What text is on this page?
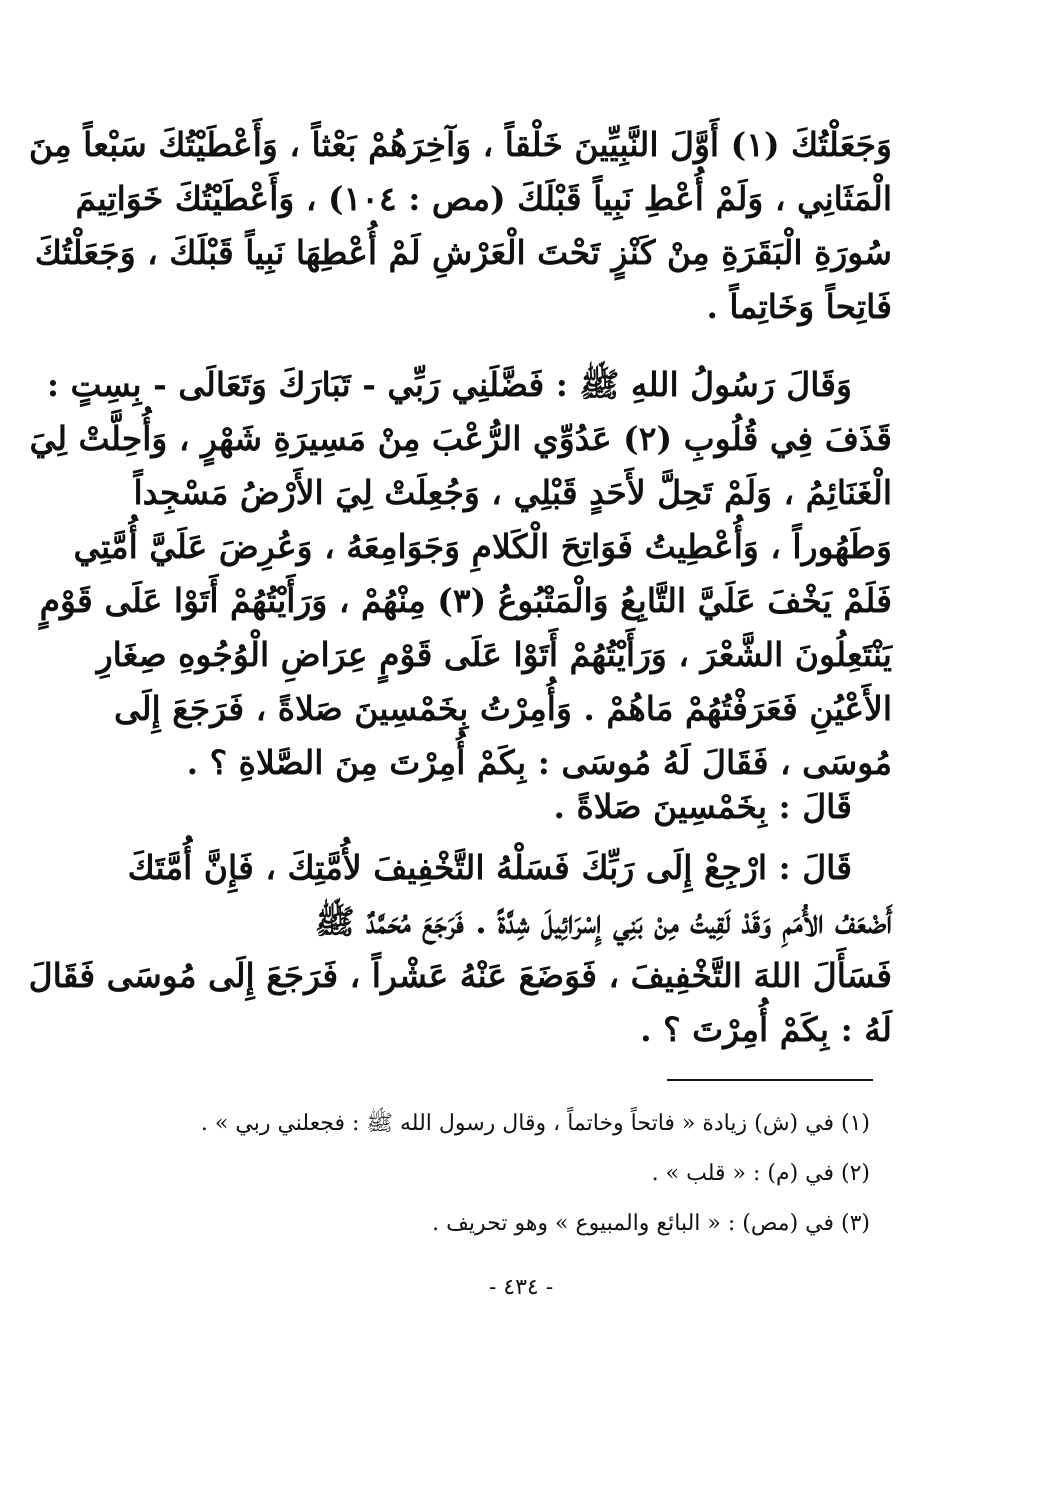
وَجَعَلْتُكَ (١) أَوَّلَ النَّبِيِّينَ خَلْقاً ، وَآخِرَهُمْ بَعْثاً ، وَأَعْطَيْتُكَ سَبْعاً مِنَ
الْمَثَانِي ، وَلَمْ أُعْطِ نَبِياً قَبْلَكَ (مص : ١٠٤) ، وَأَعْطَيْتُكَ خَوَاتِيمَ
سُورَةِ الْبَقَرَةِ مِنْ كَنْزٍ تَحْتَ الْعَرْشِ لَمْ أُعْطِهَا نَبِياً قَبْلَكَ ، وَجَعَلْتُكَ
فَاتِحاً وَخَاتِماً .
وَقَالَ رَسُولُ اللهِ ﷺ : فَضَّلَنِي رَبِّي - تَبَارَكَ وَتَعَالَى - بِسِتٍ :
قَذَفَ فِي قُلُوبِ (٢) عَدُوِّي الرُّعْبَ مِنْ مَسِيرَةِ شَهْرٍ ، وَأُحِلَّتْ لِيَ
الْغَنَائِمُ ، وَلَمْ تَحِلَّ لأَحَدٍ قَبْلِي ، وَجُعِلَتْ لِيَ الأَرْضُ مَسْجِداً
وَطَهُوراً ، وَأُعْطِيتُ فَوَاتِحَ الْكَلامِ وَجَوَامِعَهُ ، وَعُرِضَ عَلَيَّ أُمَّتِي
فَلَمْ يَخْفَ عَلَيَّ التَّابِعُ وَالْمَتْبُوعُ (٣) مِنْهُمْ ، وَرَأَيْتُهُمْ أَتَوْا عَلَى قَوْمٍ
يَنْتَعِلُونَ الشَّعْرَ ، وَرَأَيْتُهُمْ أَتَوْا عَلَى قَوْمٍ عِرَاضِ الْوُجُوهِ صِغَارِ
الأَعْيُنِ فَعَرَفْتُهُمْ مَاهُمْ . وَأُمِرْتُ بِخَمْسِينَ صَلاةً ، فَرَجَعَ إِلَى
مُوسَى ، فَقَالَ لَهُ مُوسَى : بِكَمْ أُمِرْتَ مِنَ الصَّلاةِ ؟ .
قَالَ : بِخَمْسِينَ صَلاةً .
قَالَ : ارْجِعْ إِلَى رَبِّكَ فَسَلْهُ التَّخْفِيفَ لأُمَّتِكَ ، فَإِنَّ أُمَّتَكَ
أَضْعَفُ الأُمَمِ وَقَدْ لَقِيتُ مِنْ بَنِي إِسْرَائِيلَ شِدَّةً . فَرَجَعَ مُحَمَّدٌ ﷺ
فَسَأَلَ اللهَ التَّخْفِيفَ ، فَوَضَعَ عَنْهُ عَشْراً ، فَرَجَعَ إِلَى مُوسَى فَقَالَ
لَهُ : بِكَمْ أُمِرْتَ ؟ .
(١) في (ش) زيادة « فاتحاً وخاتماً ، وقال رسول الله ﷺ : فجعلني ربي » .
(٢) في (م) : « قلب » .
(٣) في (مص) : « البائع والمبيوع » وهو تحريف .
- ٤٣٤ -
